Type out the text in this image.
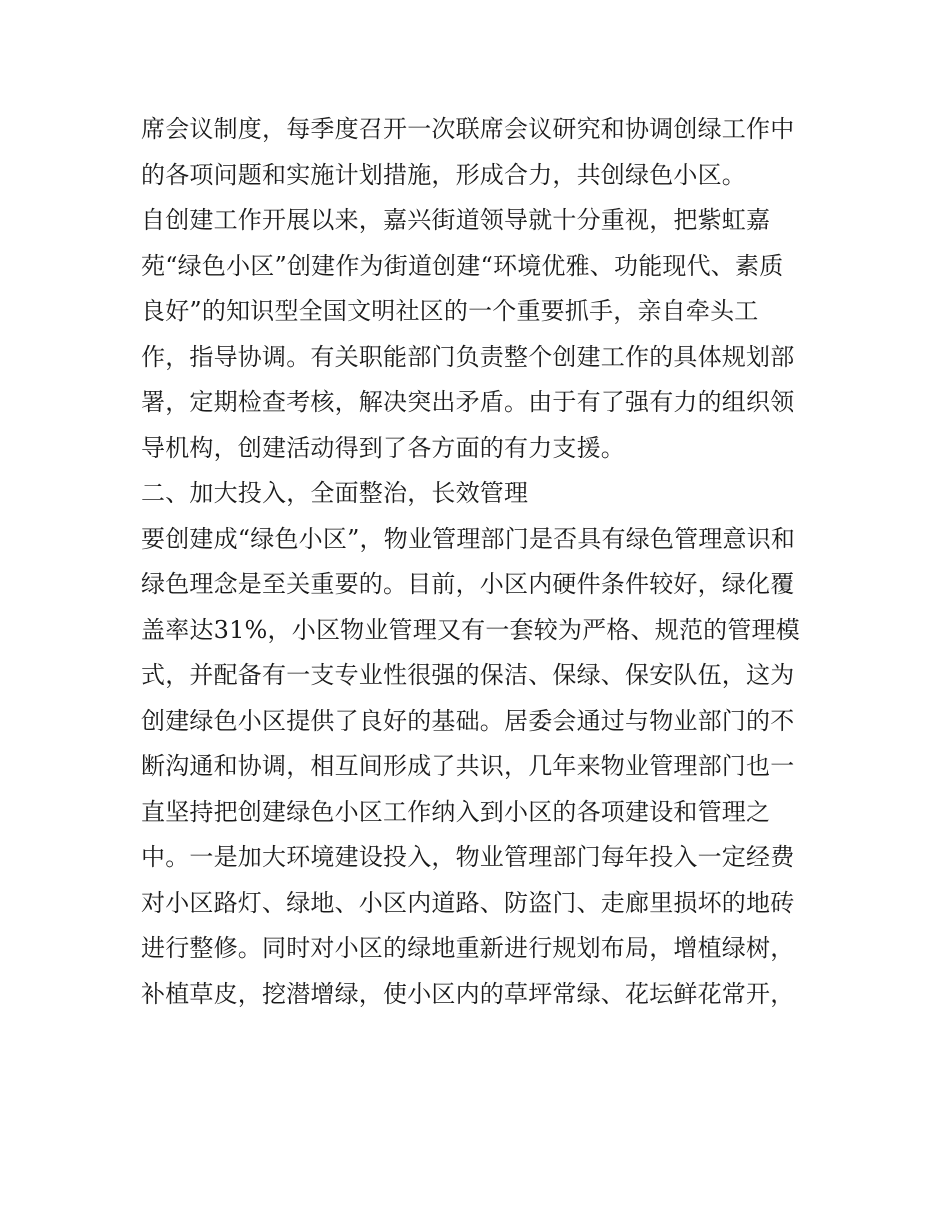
席会议制度，每季度召开一次联席会议研究和协调创绿工作中
的各项问题和实施计划措施，形成合力，共创绿色小区。
自创建工作开展以来，嘉兴街道领导就十分重视，把紫虹嘉
苑“绿色小区”创建作为街道创建“环境优雅、功能现代、素质
良好”的知识型全国文明社区的一个重要抓手，亲自牵头工
作，指导协调。有关职能部门负责整个创建工作的具体规划部
署，定期检查考核，解决突出矛盾。由于有了强有力的组织领
导机构，创建活动得到了各方面的有力支援。
二、加大投入，全面整治，长效管理
要创建成“绿色小区”，物业管理部门是否具有绿色管理意识和
绿色理念是至关重要的。目前，小区内硬件条件较好，绿化覆
盖率达31%，小区物业管理又有一套较为严格、规范的管理模
式，并配备有一支专业性很强的保洁、保绿、保安队伍，这为
创建绿色小区提供了良好的基础。居委会通过与物业部门的不
断沟通和协调，相互间形成了共识，几年来物业管理部门也一
直坚持把创建绿色小区工作纳入到小区的各项建设和管理之
中。一是加大环境建设投入，物业管理部门每年投入一定经费
对小区路灯、绿地、小区内道路、防盗门、走廊里损坏的地砖
进行整修。同时对小区的绿地重新进行规划布局，增植绿树，
补植草皮，挖潜增绿，使小区内的草坪常绿、花坛鲜花常开，
